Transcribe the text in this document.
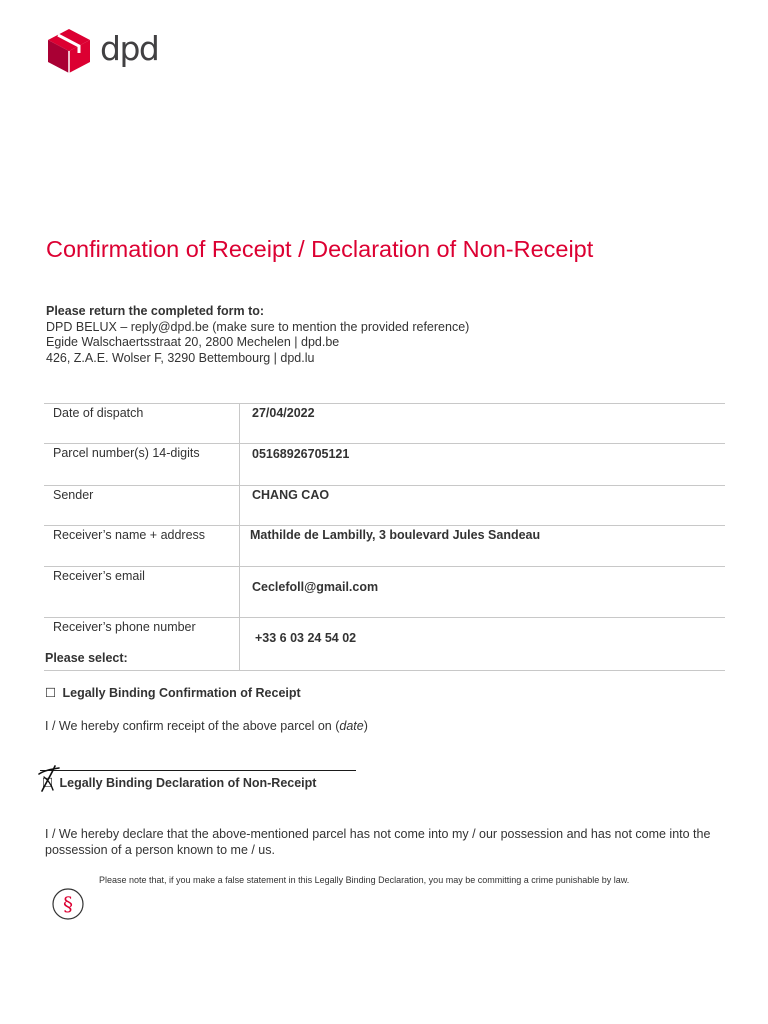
dpd
Confirmation of Receipt / Declaration of Non-Receipt
Please return the completed form to:
DPD BELUX – reply@dpd.be (make sure to mention the provided reference)
Egide Walschaertsstraat 20, 2800 Mechelen | dpd.be
426, Z.A.E. Wolser F, 3290 Bettembourg | dpd.lu
Date of dispatch	27/04/2022
Parcel number(s) 14-digits	05168926705121
Sender	CHANG CAO
Receiver’s name + address	Mathilde de Lambilly, 3 boulevard Jules Sandeau
Receiver’s email	Ceclefoll@gmail.com
Receiver’s phone number	+33 6 03 24 54 02
Please select:
☐ Legally Binding Confirmation of Receipt
I / We hereby confirm receipt of the above parcel on (date)
☐ Legally Binding Declaration of Non-Receipt
I / We hereby declare that the above-mentioned parcel has not come into my / our possession and has not come into the possession of a person known to me / us.
§
Please note that, if you make a false statement in this Legally Binding Declaration, you may be committing a crime punishable by law.
